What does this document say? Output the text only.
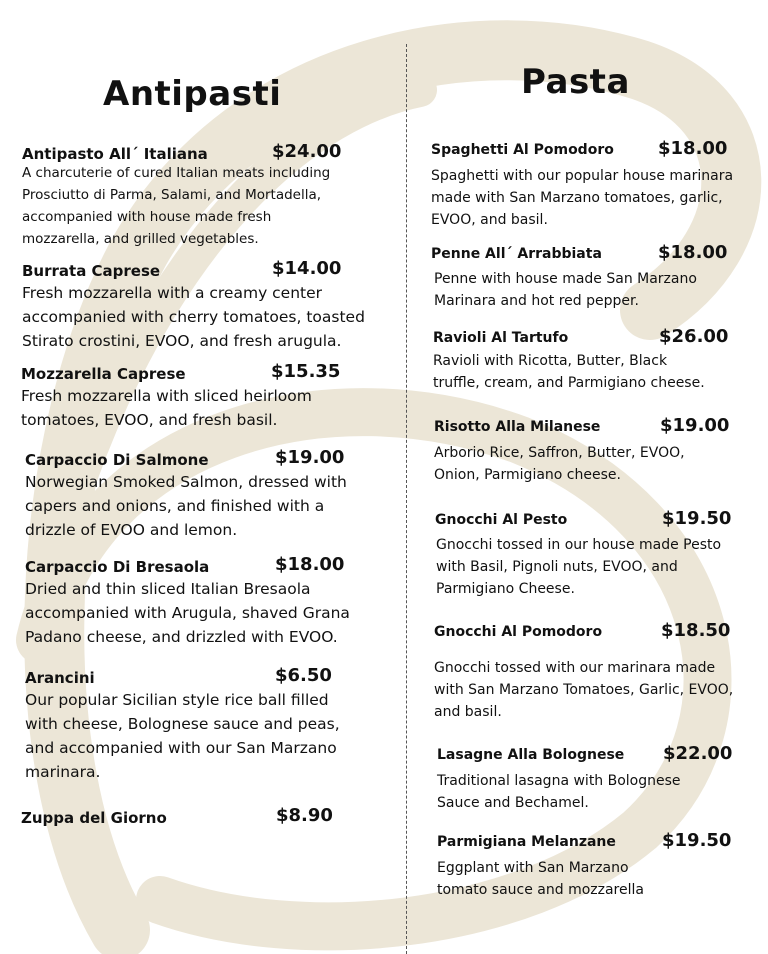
Antipasti
Antipasto All´ Italiana	$24.00
A charcuterie of cured Italian meats including
Prosciutto di Parma, Salami, and Mortadella,
accompanied with house made fresh
mozzarella, and grilled vegetables.
Burrata Caprese	$14.00
Fresh mozzarella with a creamy center
accompanied with cherry tomatoes, toasted
Stirato crostini, EVOO, and fresh arugula.
Mozzarella Caprese	$15.35
Fresh mozzarella with sliced heirloom
tomatoes, EVOO, and fresh basil.
Carpaccio Di Salmone	$19.00
Norwegian Smoked Salmon, dressed with
capers and onions, and finished with a
drizzle of EVOO and lemon.
Carpaccio Di Bresaola	$18.00
Dried and thin sliced Italian Bresaola
accompanied with Arugula, shaved Grana
Padano cheese, and drizzled with EVOO.
Arancini	$6.50
Our popular Sicilian style rice ball filled
with cheese, Bolognese sauce and peas,
and accompanied with our San Marzano
marinara.
Zuppa del Giorno	$8.90
Pasta
Spaghetti Al Pomodoro $18.00
Spaghetti with our popular house marinara
made with San Marzano tomatoes, garlic,
EVOO, and basil.
Penne All´ Arrabbiata	$18.00
Penne with house made San Marzano
Marinara and hot red pepper.
Ravioli Al Tartufo	$26.00
Ravioli with Ricotta, Butter, Black
truffle, cream, and Parmigiano cheese.
Risotto Alla Milanese	$19.00
Arborio Rice, Saffron, Butter, EVOO,
Onion, Parmigiano cheese.
Gnocchi Al Pesto	$19.50
Gnocchi tossed in our house made Pesto
with Basil, Pignoli nuts, EVOO, and
Parmigiano Cheese.
Gnocchi Al Pomodoro	$18.50
Gnocchi tossed with our marinara made
with San Marzano Tomatoes, Garlic, EVOO,
and basil.
Lasagne Alla Bolognese $22.00
Traditional lasagna with Bolognese
Sauce and Bechamel.
Parmigiana Melanzane	$19.50
Eggplant with San Marzano
tomato sauce and mozzarella
